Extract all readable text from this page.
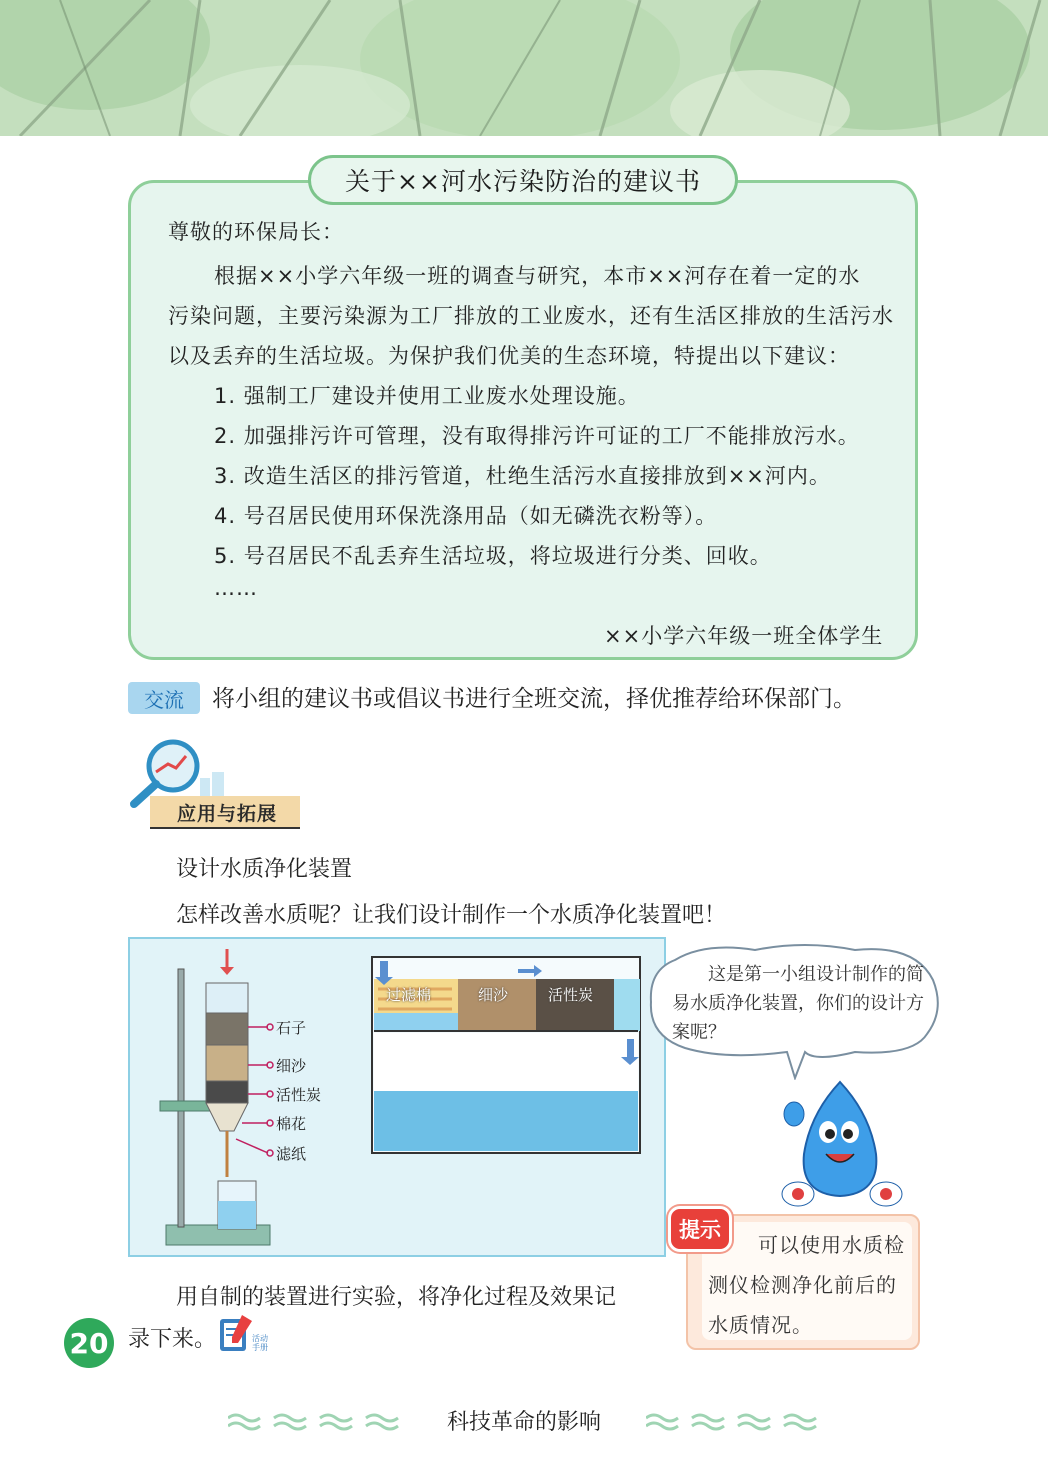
关于××河水污染防治的建议书
尊敬的环保局长：
根据××小学六年级一班的调查与研究，本市××河存在着一定的水
污染问题，主要污染源为工厂排放的工业废水，还有生活区排放的生活污水
以及丢弃的生活垃圾。为保护我们优美的生态环境，特提出以下建议：
1. 强制工厂建设并使用工业废水处理设施。
2. 加强排污许可管理，没有取得排污许可证的工厂不能排放污水。
3. 改造生活区的排污管道，杜绝生活污水直接排放到××河内。
4. 号召居民使用环保洗涤用品（如无磷洗衣粉等）。
5. 号召居民不乱丢弃生活垃圾，将垃圾进行分类、回收。
……
××小学六年级一班全体学生
交流	将小组的建议书或倡议书进行全班交流，择优推荐给环保部门。
应用与拓展
设计水质净化装置
怎样改善水质呢？让我们设计制作一个水质净化装置吧！
石子
细沙
活性炭
棉花
滤纸
过滤棉	细沙	活性炭
这是第一小组设计制作的简易水质净化装置，你们的设计方案呢？
可以使用水质检测仪检测净化前后的水质情况。
提示
用自制的装置进行实验，将净化过程及效果记
录下来。	活动
手册
20
科技革命的影响
